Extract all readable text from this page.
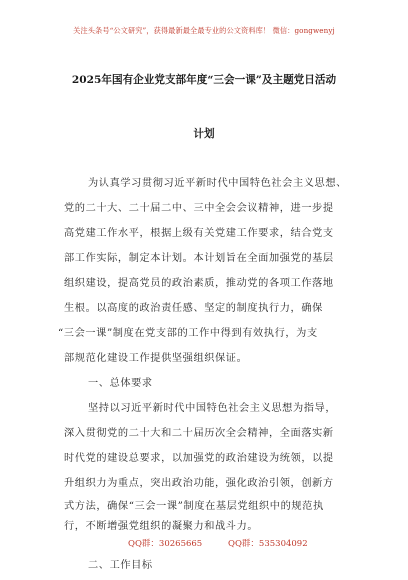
关注头条号“公文研究”，获得最新最全最专业的公文资料库！ 微信：gongwenyj
2025年国有企业党支部年度“三会一课”及主题党日活动
计划
为认真学习贯彻习近平新时代中国特色社会主义思想、
党的二十大、二十届二中、三中全会会议精神，进一步提
高党建工作水平，根据上级有关党建工作要求，结合党支
部工作实际，制定本计划。本计划旨在全面加强党的基层
组织建设，提高党员的政治素质，推动党的各项工作落地
生根。以高度的政治责任感、坚定的制度执行力，确保
“三会一课”制度在党支部的工作中得到有效执行，为支
部规范化建设工作提供坚强组织保证。
一、总体要求
坚持以习近平新时代中国特色社会主义思想为指导，
深入贯彻党的二十大和二十届历次全会精神，全面落实新
时代党的建设总要求，以加强党的政治建设为统领，以提
升组织力为重点，突出政治功能，强化政治引领，创新方
式方法，确保“三会一课”制度在基层党组织中的规范执
行，不断增强党组织的凝聚力和战斗力。
二、工作目标
QQ群：30265665	QQ群：535304092
